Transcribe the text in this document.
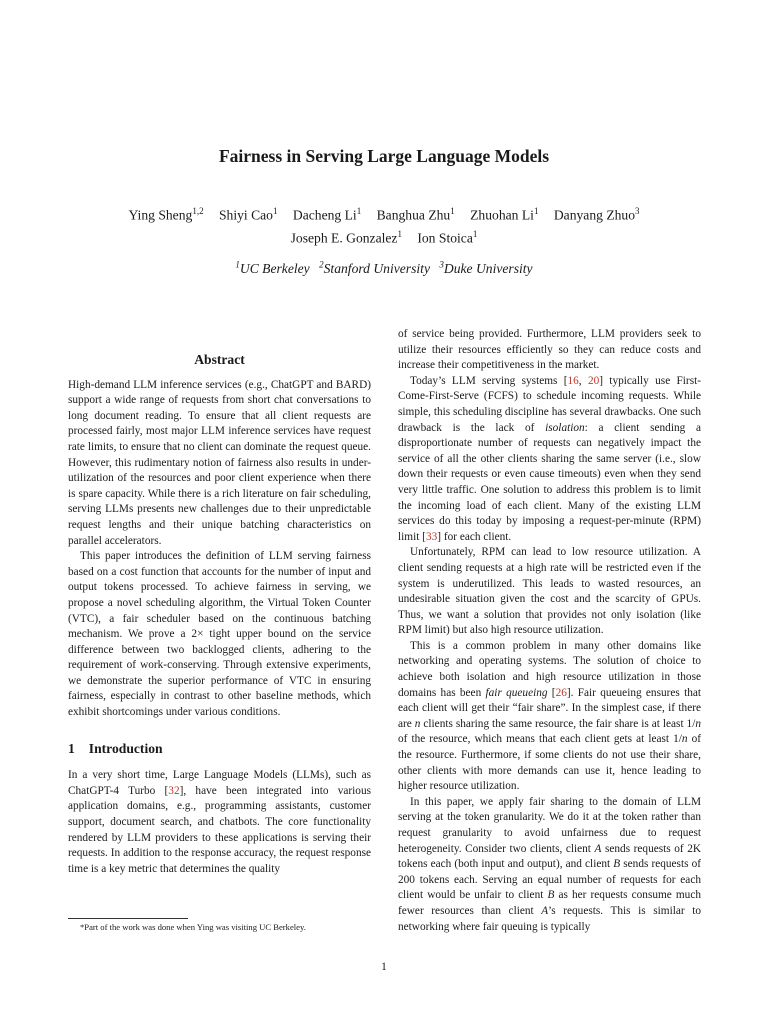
Fairness in Serving Large Language Models
Ying Sheng$^{1,2}$ Shiyi Cao$^1$ Dacheng Li$^1$ Banghua Zhu$^1$ Zhuohan Li$^1$ Danyang Zhuo$^3$
Joseph E. Gonzalez$^1$ Ion Stoica$^1$
$^1$UC Berkeley $^2$Stanford University $^3$Duke University
Abstract

High-demand LLM inference services (e.g., ChatGPT and BARD) support a wide range of requests from short chat conversations to long document reading. To ensure that all client requests are processed fairly, most major LLM inference services have request rate limits, to ensure that no client can dominate the request queue. However, this rudimentary notion of fairness also results in under-utilization of the resources and poor client experience when there is spare capacity. While there is a rich literature on fair scheduling, serving LLMs presents new challenges due to their unpredictable request lengths and their unique batching characteristics on parallel accelerators.

This paper introduces the definition of LLM serving fairness based on a cost function that accounts for the number of input and output tokens processed. To achieve fairness in serving, we propose a novel scheduling algorithm, the Virtual Token Counter (VTC), a fair scheduler based on the continuous batching mechanism. We prove a 2× tight upper bound on the service difference between two backlogged clients, adhering to the requirement of work-conserving. Through extensive experiments, we demonstrate the superior performance of VTC in ensuring fairness, especially in contrast to other baseline methods, which exhibit shortcomings under various conditions.

1 Introduction

In a very short time, Large Language Models (LLMs), such as ChatGPT-4 Turbo [32], have been integrated into various application domains, e.g., programming assistants, customer support, document search, and chatbots. The core functionality rendered by LLM providers to these applications is serving their requests. In addition to the response accuracy, the request response time is a key metric that determines the quality

of service being provided. Furthermore, LLM providers seek to utilize their resources efficiently so they can reduce costs and increase their competitiveness in the market.

Today’s LLM serving systems [16, 20] typically use First-Come-First-Serve (FCFS) to schedule incoming requests. While simple, this scheduling discipline has several drawbacks. One such drawback is the lack of isolation: a client sending a disproportionate number of requests can negatively impact the service of all the other clients sharing the same server (i.e., slow down their requests or even cause timeouts) even when they send very little traffic. One solution to address this problem is to limit the incoming load of each client. Many of the existing LLM services do this today by imposing a request-per-minute (RPM) limit [33] for each client.

Unfortunately, RPM can lead to low resource utilization. A client sending requests at a high rate will be restricted even if the system is underutilized. This leads to wasted resources, an undesirable situation given the cost and the scarcity of GPUs. Thus, we want a solution that provides not only isolation (like RPM limit) but also high resource utilization.

This is a common problem in many other domains like networking and operating systems. The solution of choice to achieve both isolation and high resource utilization in those domains has been fair queueing [26]. Fair queueing ensures that each client will get their “fair share”. In the simplest case, if there are n clients sharing the same resource, the fair share is at least 1/n of the resource, which means that each client gets at least 1/n of the resource. Furthermore, if some clients do not use their share, other clients with more demands can use it, hence leading to higher resource utilization.

In this paper, we apply fair sharing to the domain of LLM serving at the token granularity. We do it at the token rather than request granularity to avoid unfairness due to request heterogeneity. Consider two clients, client A sends requests of 2K tokens each (both input and output), and client B sends requests of 200 tokens each. Serving an equal number of requests for each client would be unfair to client B as her requests consume much fewer resources than client A’s requests. This is similar to networking where fair queuing is typically

*Part of the work was done when Ying was visiting UC Berkeley.
1
